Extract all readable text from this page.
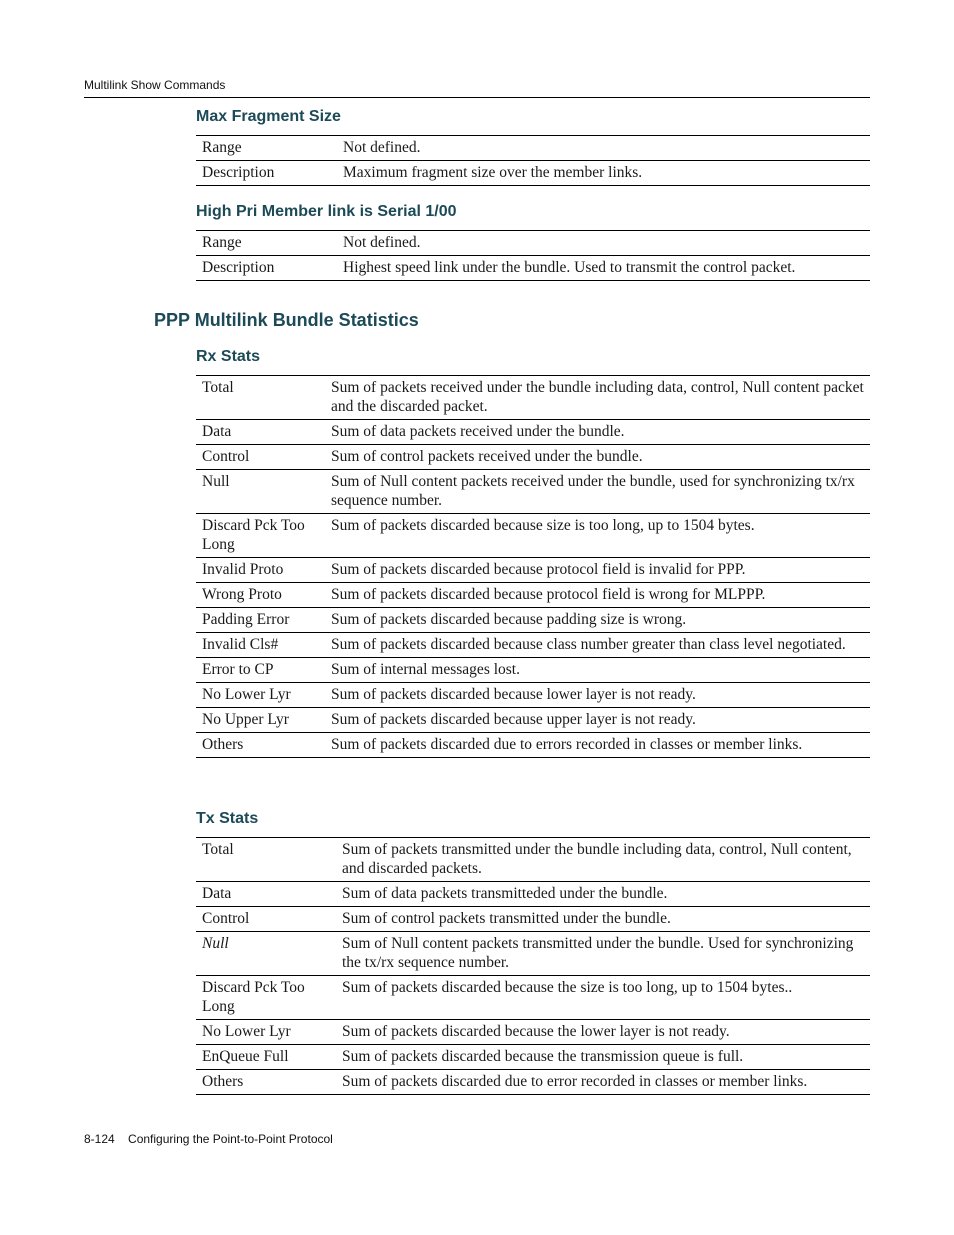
Multilink Show Commands
Max Fragment Size
Range	Not defined.
Description	Maximum fragment size over the member links.
High Pri Member link is Serial 1/00
Range	Not defined.
Description	Highest speed link under the bundle. Used to transmit the control packet.
PPP Multilink Bundle Statistics
Rx Stats
Total	Sum of packets received under the bundle including data, control, Null content packet and the discarded packet.
Data	Sum of data packets received under the bundle.
Control	Sum of control packets received under the bundle.
Null	Sum of Null content packets received under the bundle, used for synchronizing tx/rx sequence number.
Discard Pck Too Long	Sum of packets discarded because size is too long, up to 1504 bytes.
Invalid Proto	Sum of packets discarded because protocol field is invalid for PPP.
Wrong Proto	Sum of packets discarded because protocol field is wrong for MLPPP.
Padding Error	Sum of packets discarded because padding size is wrong.
Invalid Cls#	Sum of packets discarded because class number greater than class level negotiated.
Error to CP	Sum of internal messages lost.
No Lower Lyr	Sum of packets discarded because lower layer is not ready.
No Upper Lyr	Sum of packets discarded because upper layer is not ready.
Others	Sum of packets discarded due to errors recorded in classes or member links.
Tx Stats
Total	Sum of packets transmitted under the bundle including data, control, Null content, and discarded packets.
Data	Sum of data packets transmitteded under the bundle.
Control	Sum of control packets transmitted under the bundle.
Null	Sum of Null content packets transmitted under the bundle. Used for synchronizing the tx/rx sequence number.
Discard Pck Too Long	Sum of packets discarded because the size is too long, up to 1504 bytes..
No Lower Lyr	Sum of packets discarded because the lower layer is not ready.
EnQueue Full	Sum of packets discarded because the transmission queue is full.
Others	Sum of packets discarded due to error recorded in classes or member links.
8-124 Configuring the Point-to-Point Protocol
